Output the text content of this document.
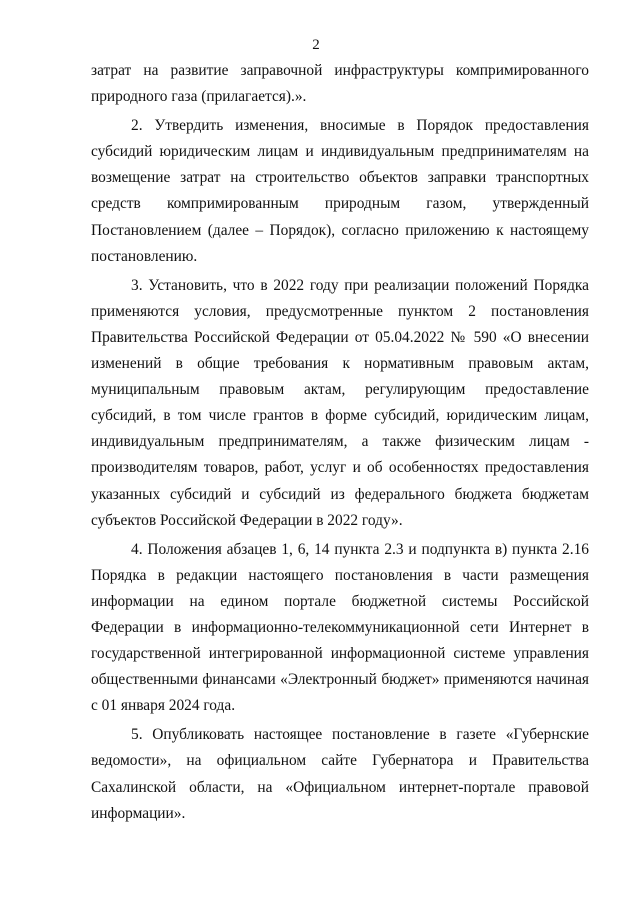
2

затрат на развитие заправочной инфраструктуры компримированного природного газа (прилагается).».

2. Утвердить изменения, вносимые в Порядок предоставления субсидий юридическим лицам и индивидуальным предпринимателям на возмещение затрат на строительство объектов заправки транспортных средств компримированным природным газом, утвержденный Постановлением (далее – Порядок), согласно приложению к настоящему постановлению.

3. Установить, что в 2022 году при реализации положений Порядка применяются условия, предусмотренные пунктом 2 постановления Правительства Российской Федерации от 05.04.2022 № 590 «О внесении изменений в общие требования к нормативным правовым актам, муниципальным правовым актам, регулирующим предоставление субсидий, в том числе грантов в форме субсидий, юридическим лицам, индивидуальным предпринимателям, а также физическим лицам - производителям товаров, работ, услуг и об особенностях предоставления указанных субсидий и субсидий из федерального бюджета бюджетам субъектов Российской Федерации в 2022 году».

4. Положения абзацев 1, 6, 14 пункта 2.3 и подпункта в) пункта 2.16 Порядка в редакции настоящего постановления в части размещения информации на едином портале бюджетной системы Российской Федерации в информационно-телекоммуникационной сети Интернет в государственной интегрированной информационной системе управления общественными финансами «Электронный бюджет» применяются начиная с 01 января 2024 года.

5. Опубликовать настоящее постановление в газете «Губернские ведомости», на официальном сайте Губернатора и Правительства Сахалинской области, на «Официальном интернет-портале правовой информации».
